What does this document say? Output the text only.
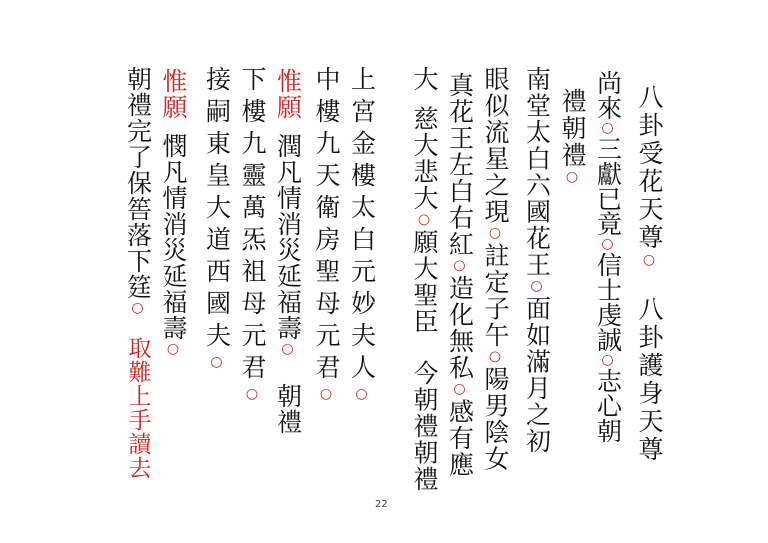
八卦受花天尊○八卦護身天尊
尚來○三獻已竟○信士虔誠○志心朝
禮朝禮○
南堂太白六國花王○面如滿月之初
眼似流星之現○註定子午○陽男陰女
真花王左白右紅○造化無私○感有應
大慈大悲大○願大聖臣今朝禮朝禮
上宮金樓太白元妙夫人○
中樓九天衛房聖母元君○
惟願潤凡情消災延福壽○朝禮
下樓九靈萬炁祖母元君○
接嗣東皇大道西國夫○
惟願憫凡情消災延福壽○
朝禮完了保筶落下筳○取難上手讀去
22
